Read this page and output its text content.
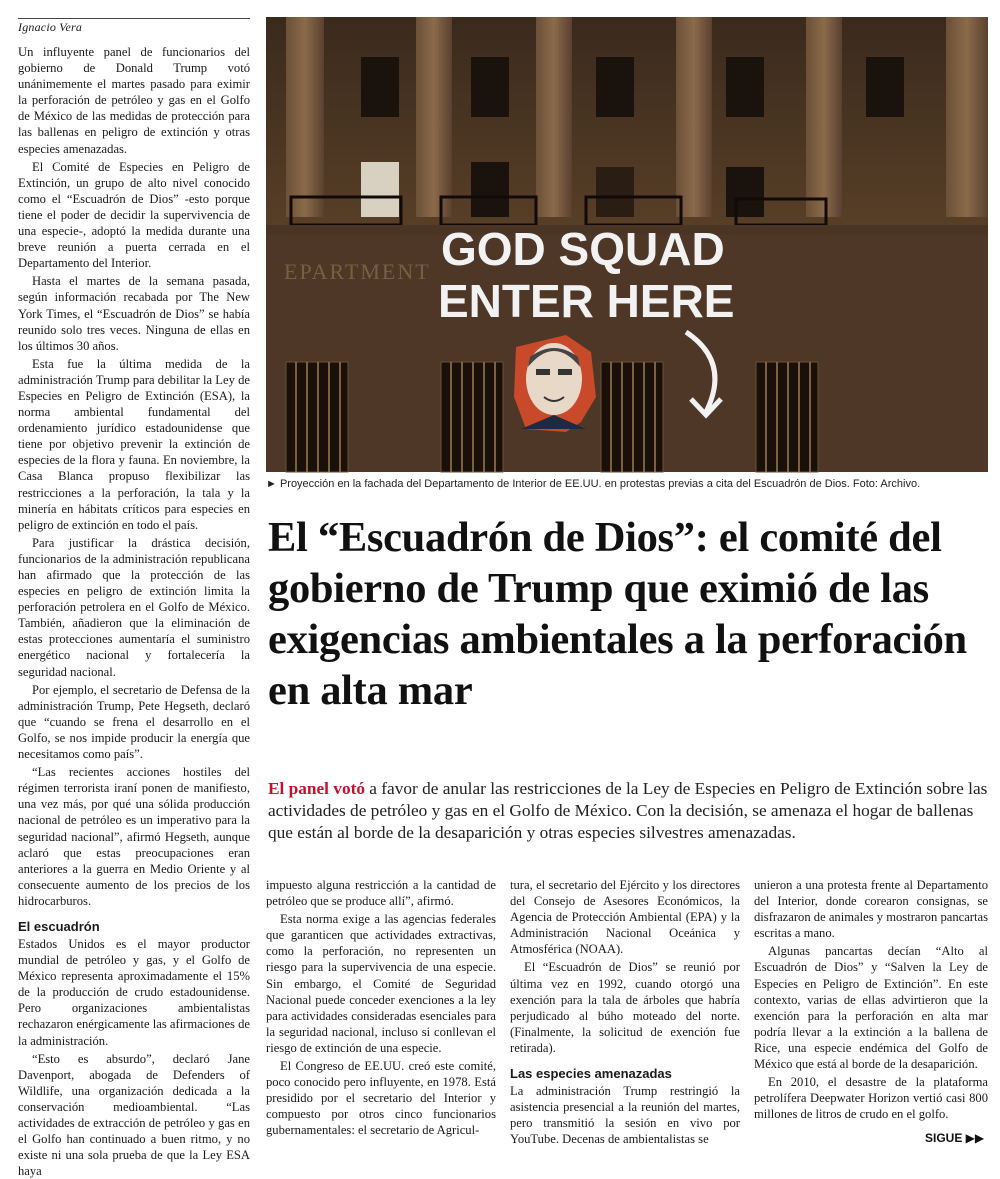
Ignacio Vera

Un influyente panel de funcionarios del gobierno de Donald Trump votó unánimemente el martes pasado para eximir la perforación de petróleo y gas en el Golfo de México de las medidas de protección para las ballenas en peligro de extinción y otras especies amenazadas.

El Comité de Especies en Peligro de Extinción, un grupo de alto nivel conocido como el “Escuadrón de Dios” -esto porque tiene el poder de decidir la supervivencia de una especie-, adoptó la medida durante una breve reunión a puerta cerrada en el Departamento del Interior.

Hasta el martes de la semana pasada, según información recabada por The New York Times, el “Escuadrón de Dios” se había reunido solo tres veces. Ninguna de ellas en los últimos 30 años.

Esta fue la última medida de la administración Trump para debilitar la Ley de Especies en Peligro de Extinción (ESA), la norma ambiental fundamental del ordenamiento jurídico estadounidense que tiene por objetivo prevenir la extinción de especies de la flora y fauna. En noviembre, la Casa Blanca propuso flexibilizar las restricciones a la perforación, la tala y la minería en hábitats críticos para especies en peligro de extinción en todo el país.

Para justificar la drástica decisión, funcionarios de la administración republicana han afirmado que la protección de las especies en peligro de extinción limita la perforación petrolera en el Golfo de México. También, añadieron que la eliminación de estas protecciones aumentaría el suministro energético nacional y fortalecería la seguridad nacional.

Por ejemplo, el secretario de Defensa de la administración Trump, Pete Hegseth, declaró que “cuando se frena el desarrollo en el Golfo, se nos impide producir la energía que necesitamos como país”.

“Las recientes acciones hostiles del régimen terrorista iraní ponen de manifiesto, una vez más, por qué una sólida producción nacional de petróleo es un imperativo para la seguridad nacional”, afirmó Hegseth, aunque aclaró que estas preocupaciones eran anteriores a la guerra en Medio Oriente y al consecuente aumento de los precios de los hidrocarburos.

El escuadrón

Estados Unidos es el mayor productor mundial de petróleo y gas, y el Golfo de México representa aproximadamente el 15% de la producción de crudo estadounidense. Pero organizaciones ambientalistas rechazaron enérgicamente las afirmaciones de la administración.

“Esto es absurdo”, declaró Jane Davenport, abogada de Defenders of Wildlife, una organización dedicada a la conservación medioambiental. “Las actividades de extracción de petróleo y gas en el Golfo han continuado a buen ritmo, y no existe ni una sola prueba de que la Ley ESA haya

EPARTMENT GOD SQUAD
ENTER HERE
► Proyección en la fachada del Departamento de Interior de EE.UU. en protestas previas a cita del Escuadrón de Dios. Foto: Archivo.
El “Escuadrón de Dios”: el comité del gobierno de Trump que eximió de las exigencias ambientales a la perforación en alta mar

El panel votó a favor de anular las restricciones de la Ley de Especies en Peligro de Extinción sobre las actividades de petróleo y gas en el Golfo de México. Con la decisión, se amenaza el hogar de ballenas que están al borde de la desaparición y otras especies silvestres amenazadas.

impuesto alguna restricción a la cantidad de petróleo que se produce allí”, afirmó.

Esta norma exige a las agencias federales que garanticen que actividades extractivas, como la perforación, no representen un riesgo para la supervivencia de una especie. Sin embargo, el Comité de Seguridad Nacional puede conceder exenciones a la ley para actividades consideradas esenciales para la seguridad nacional, incluso si conllevan el riesgo de extinción de una especie.

El Congreso de EE.UU. creó este comité, poco conocido pero influyente, en 1978. Está presidido por el secretario del Interior y compuesto por otros cinco funcionarios gubernamentales: el secretario de Agricul-

tura, el secretario del Ejército y los directores del Consejo de Asesores Económicos, la Agencia de Protección Ambiental (EPA) y la Administración Nacional Oceánica y Atmosférica (NOAA).

El “Escuadrón de Dios” se reunió por última vez en 1992, cuando otorgó una exención para la tala de árboles que habría perjudicado al búho moteado del norte. (Finalmente, la solicitud de exención fue retirada).

Las especies amenazadas

La administración Trump restringió la asistencia presencial a la reunión del martes, pero transmitió la sesión en vivo por YouTube. Decenas de ambientalistas se

unieron a una protesta frente al Departamento del Interior, donde corearon consignas, se disfrazaron de animales y mostraron pancartas escritas a mano.

Algunas pancartas decían “Alto al Escuadrón de Dios” y “Salven la Ley de Especies en Peligro de Extinción”. En este contexto, varias de ellas advirtieron que la exención para la perforación en alta mar podría llevar a la extinción a la ballena de Rice, una especie endémica del Golfo de México que está al borde de la desaparición.

En 2010, el desastre de la plataforma petrolífera Deepwater Horizon vertió casi 800 millones de litros de crudo en el golfo.

SIGUE ▶▶
